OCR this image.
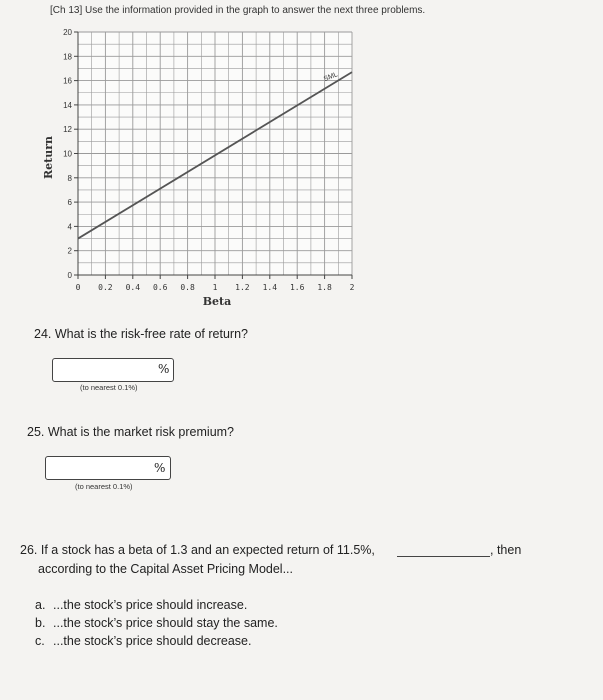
[Ch 13] Use the information provided in the graph to answer the next three problems.
0
2
4
6
8
10
12
14
16
18
20
0 0.2 0.4 0.6 0.8 1 1.2 1.4 1.6 1.8 2
Beta
Return
SML
24. What is the risk-free rate of return?
%
(to nearest 0.1%)
25. What is the market risk premium?
%
(to nearest 0.1%)
26. If a stock has a beta of 1.3 and an expected return of 11.5%,	, then
according to the Capital Asset Pricing Model...
a. ...the stock’s price should increase.
b. ...the stock’s price should stay the same.
c. ...the stock’s price should decrease.
